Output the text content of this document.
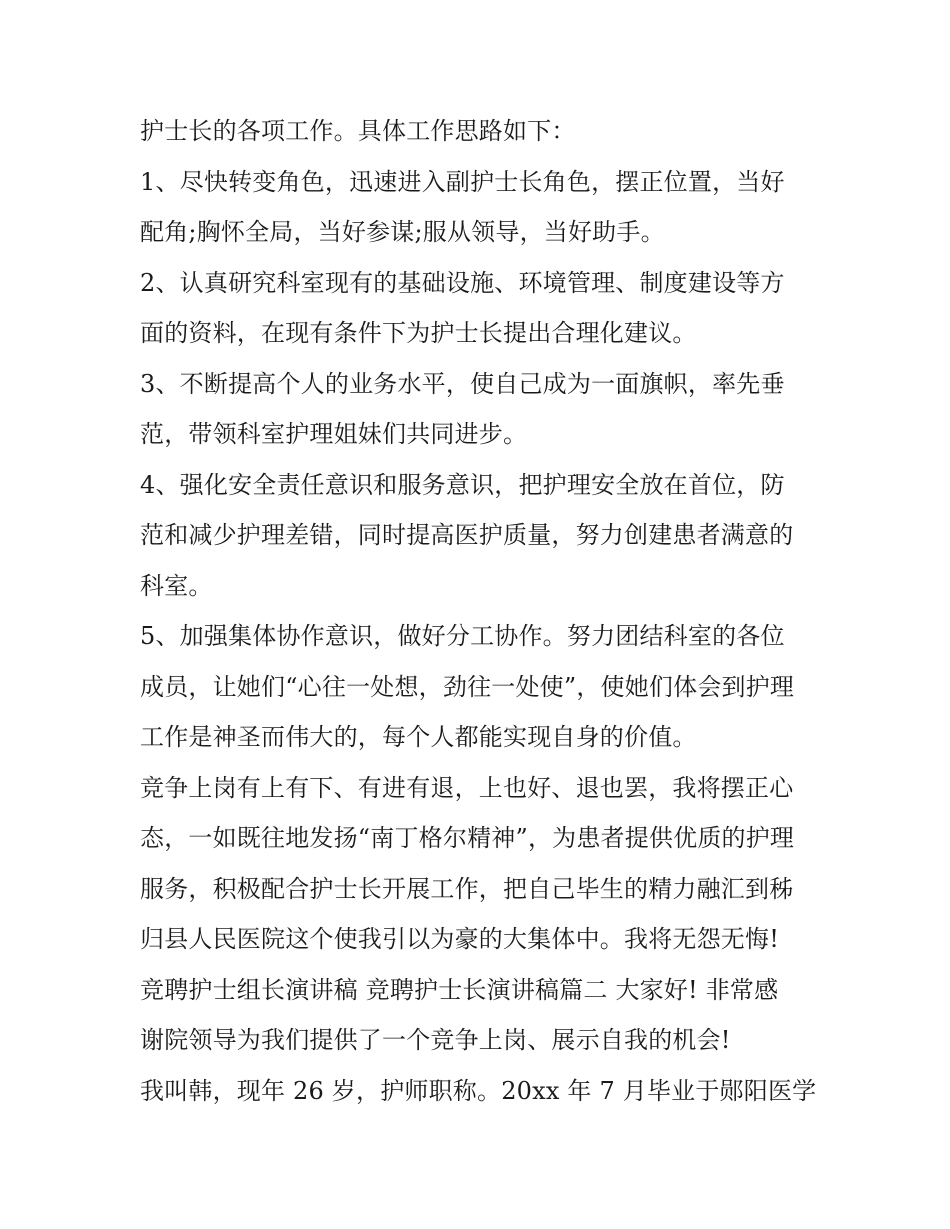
护士长的各项工作。具体工作思路如下：

1、尽快转变角色，迅速进入副护士长角色，摆正位置，当好

配角;胸怀全局，当好参谋;服从领导，当好助手。

2、认真研究科室现有的基础设施、环境管理、制度建设等方

面的资料，在现有条件下为护士长提出合理化建议。

3、不断提高个人的业务水平，使自己成为一面旗帜，率先垂

范，带领科室护理姐妹们共同进步。

4、强化安全责任意识和服务意识，把护理安全放在首位，防

范和减少护理差错，同时提高医护质量，努力创建患者满意的

科室。

5、加强集体协作意识，做好分工协作。努力团结科室的各位

成员，让她们“心往一处想，劲往一处使”，使她们体会到护理

工作是神圣而伟大的，每个人都能实现自身的价值。

竞争上岗有上有下、有进有退，上也好、退也罢，我将摆正心

态，一如既往地发扬“南丁格尔精神”，为患者提供优质的护理

服务，积极配合护士长开展工作，把自己毕生的精力融汇到秭

归县人民医院这个使我引以为豪的大集体中。我将无怨无悔!

竞聘护士组长演讲稿 竞聘护士长演讲稿篇二 大家好! 非常感

谢院领导为我们提供了一个竞争上岗、展示自我的机会!

我叫韩，现年 26 岁，护师职称。20xx 年 7 月毕业于郧阳医学
